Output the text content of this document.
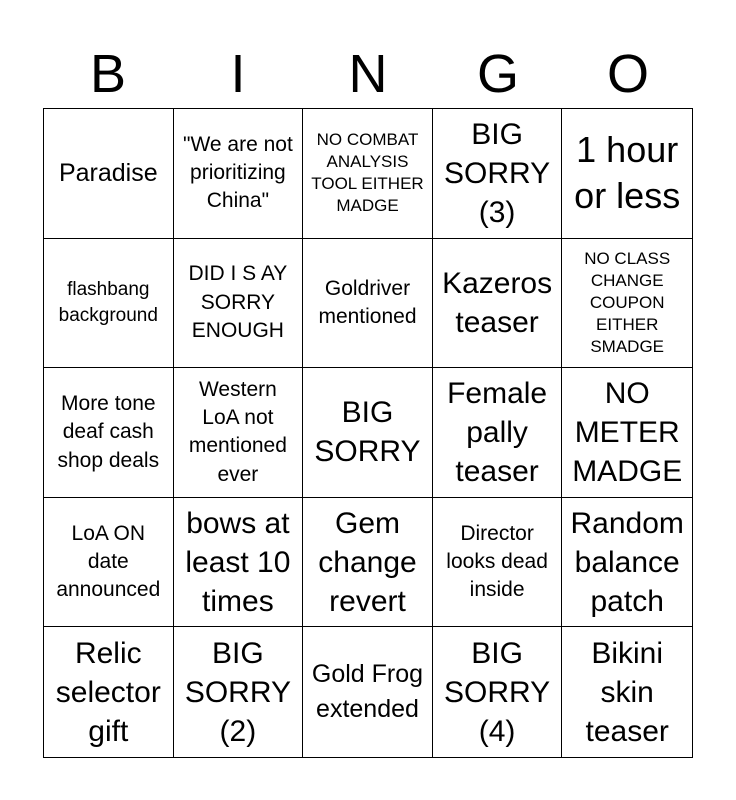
B	I	N	G	O
Paradise
"We are not prioritizing China"
NO COMBAT ANALYSIS TOOL EITHER MADGE
BIG SORRY (3)
1 hour or less
flashbang background
DID I S AY SORRY ENOUGH
Goldriver mentioned
Kazeros teaser
NO CLASS CHANGE COUPON EITHER SMADGE
More tone deaf cash shop deals
Western LoA not mentioned ever
BIG SORRY
Female pally teaser
NO METER MADGE
LoA ON date announced
bows at least 10 times
Gem change revert
Director looks dead inside
Random balance patch
Relic selector gift
BIG SORRY (2)
Gold Frog extended
BIG SORRY (4)
Bikini skin teaser
